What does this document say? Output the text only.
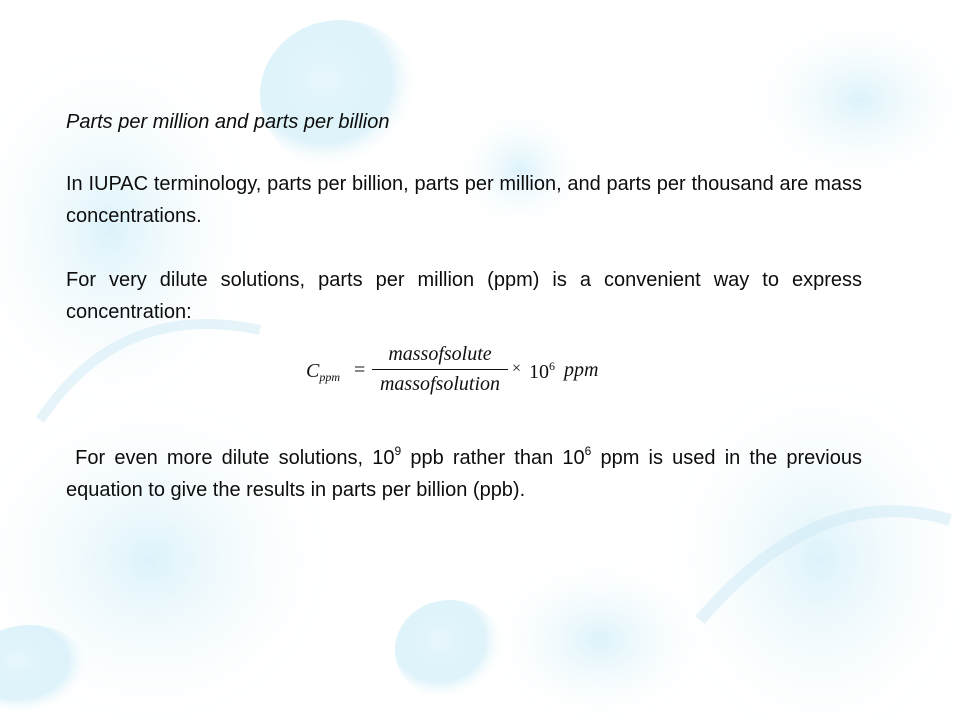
Parts per million and parts per billion

In IUPAC terminology, parts per billion, parts per million, and parts per thousand are mass concentrations.

For very dilute solutions, parts per million (ppm) is a convenient way to express concentration:

$C_{ppm}$ =
massofsolute
massofsolution
× $10^6$ ppm

For even more dilute solutions, $10^9$ ppb rather than $10^6$ ppm is used in the previous equation to give the results in parts per billion (ppb).
